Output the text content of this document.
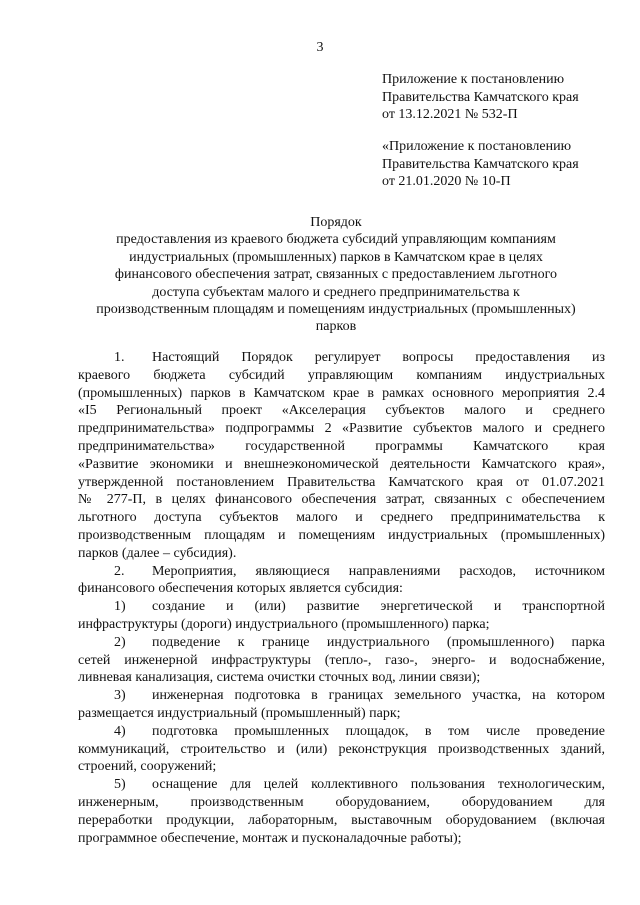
3
Приложение к постановлению
Правительства Камчатского края
от 13.12.2021 № 532-П
«Приложение к постановлению
Правительства Камчатского края
от 21.01.2020 № 10-П
Порядок
предоставления из краевого бюджета субсидий управляющим компаниям
индустриальных (промышленных) парков в Камчатском крае в целях
финансового обеспечения затрат, связанных с предоставлением льготного
доступа субъектам малого и среднего предпринимательства к
производственным площадям и помещениям индустриальных (промышленных)
парков
1. Настоящий Порядок регулирует вопросы предоставления из
краевого бюджета субсидий управляющим компаниям индустриальных
(промышленных) парков в Камчатском крае в рамках основного мероприятия 2.4
«I5 Региональный проект «Акселерация субъектов малого и среднего
предпринимательства» подпрограммы 2 «Развитие субъектов малого и среднего
предпринимательства» государственной программы Камчатского края
«Развитие экономики и внешнеэкономической деятельности Камчатского края»,
утвержденной постановлением Правительства Камчатского края от 01.07.2021
№ 277-П, в целях финансового обеспечения затрат, связанных с обеспечением
льготного доступа субъектов малого и среднего предпринимательства к
производственным площадям и помещениям индустриальных (промышленных)
парков (далее – субсидия).
2. Мероприятия, являющиеся направлениями расходов, источником
финансового обеспечения которых является субсидия:
1) создание и (или) развитие энергетической и транспортной
инфраструктуры (дороги) индустриального (промышленного) парка;
2) подведение к границе индустриального (промышленного) парка
сетей инженерной инфраструктуры (тепло-, газо-, энерго- и водоснабжение,
ливневая канализация, система очистки сточных вод, линии связи);
3) инженерная подготовка в границах земельного участка, на котором
размещается индустриальный (промышленный) парк;
4) подготовка промышленных площадок, в том числе проведение
коммуникаций, строительство и (или) реконструкция производственных зданий,
строений, сооружений;
5) оснащение для целей коллективного пользования технологическим,
инженерным, производственным оборудованием, оборудованием для
переработки продукции, лабораторным, выставочным оборудованием (включая
программное обеспечение, монтаж и пусконаладочные работы);
